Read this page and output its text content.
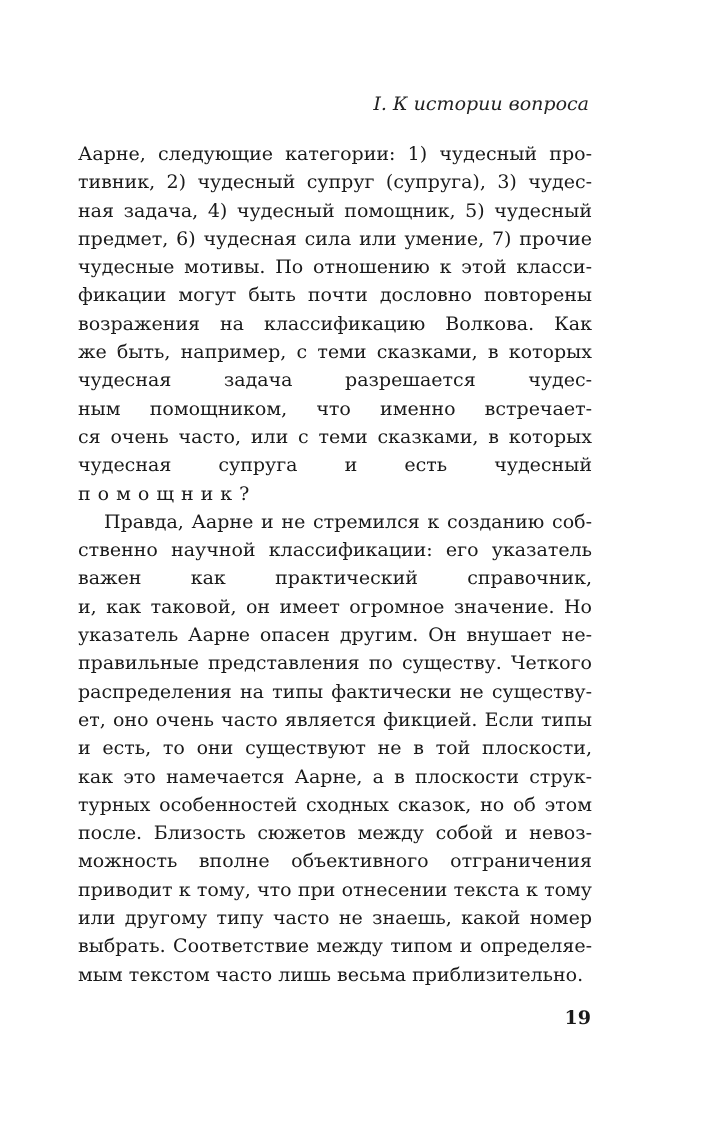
I. К истории вопроса
Аарне, следующие категории: 1) чудесный про-
тивник, 2) чудесный супруг (супруга), 3) чудес-
ная задача, 4) чудесный помощник, 5) чудесный
предмет, 6) чудесная сила или умение, 7) прочие
чудесные мотивы. По отношению к этой класси-
фикации могут быть почти дословно повторены
возражения на классификацию Волкова. Как
же быть, например, с теми сказками, в которых
чудесная задача разрешается чудес-
ным помощником, что именно встречает-
ся очень часто, или с теми сказками, в которых
чудесная супруга и есть чудесный
помощник?
Правда, Аарне и не стремился к созданию соб-
ственно научной классификации: его указатель
важен как практический справочник,
и, как таковой, он имеет огромное значение. Но
указатель Аарне опасен другим. Он внушает не-
правильные представления по существу. Четкого
распределения на типы фактически не существу-
ет, оно очень часто является фикцией. Если типы
и есть, то они существуют не в той плоскости,
как это намечается Аарне, а в плоскости струк-
турных особенностей сходных сказок, но об этом
после. Близость сюжетов между собой и невоз-
можность вполне объективного отграничения
приводит к тому, что при отнесении текста к тому
или другому типу часто не знаешь, какой номер
выбрать. Соответствие между типом и определяе-
мым текстом часто лишь весьма приблизительно.
19
